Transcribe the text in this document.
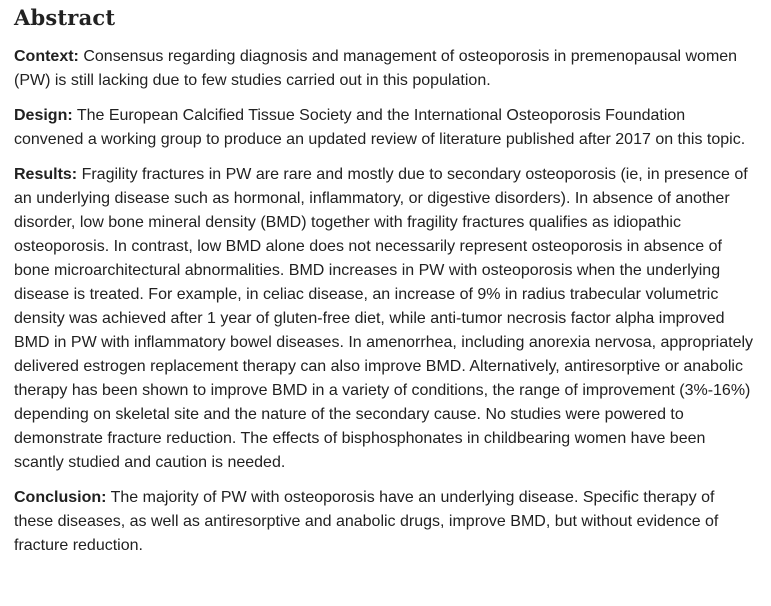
Abstract

Context: Consensus regarding diagnosis and management of osteoporosis in premenopausal women (PW) is still lacking due to few studies carried out in this population.

Design: The European Calcified Tissue Society and the International Osteoporosis Foundation convened a working group to produce an updated review of literature published after 2017 on this topic.

Results: Fragility fractures in PW are rare and mostly due to secondary osteoporosis (ie, in presence of an underlying disease such as hormonal, inflammatory, or digestive disorders). In absence of another disorder, low bone mineral density (BMD) together with fragility fractures qualifies as idiopathic osteoporosis. In contrast, low BMD alone does not necessarily represent osteoporosis in absence of bone microarchitectural abnormalities. BMD increases in PW with osteoporosis when the underlying disease is treated. For example, in celiac disease, an increase of 9% in radius trabecular volumetric density was achieved after 1 year of gluten-free diet, while anti-tumor necrosis factor alpha improved BMD in PW with inflammatory bowel diseases. In amenorrhea, including anorexia nervosa, appropriately delivered estrogen replacement therapy can also improve BMD. Alternatively, antiresorptive or anabolic therapy has been shown to improve BMD in a variety of conditions, the range of improvement (3%-16%) depending on skeletal site and the nature of the secondary cause. No studies were powered to demonstrate fracture reduction. The effects of bisphosphonates in childbearing women have been scantly studied and caution is needed.

Conclusion: The majority of PW with osteoporosis have an underlying disease. Specific therapy of these diseases, as well as antiresorptive and anabolic drugs, improve BMD, but without evidence of fracture reduction.
